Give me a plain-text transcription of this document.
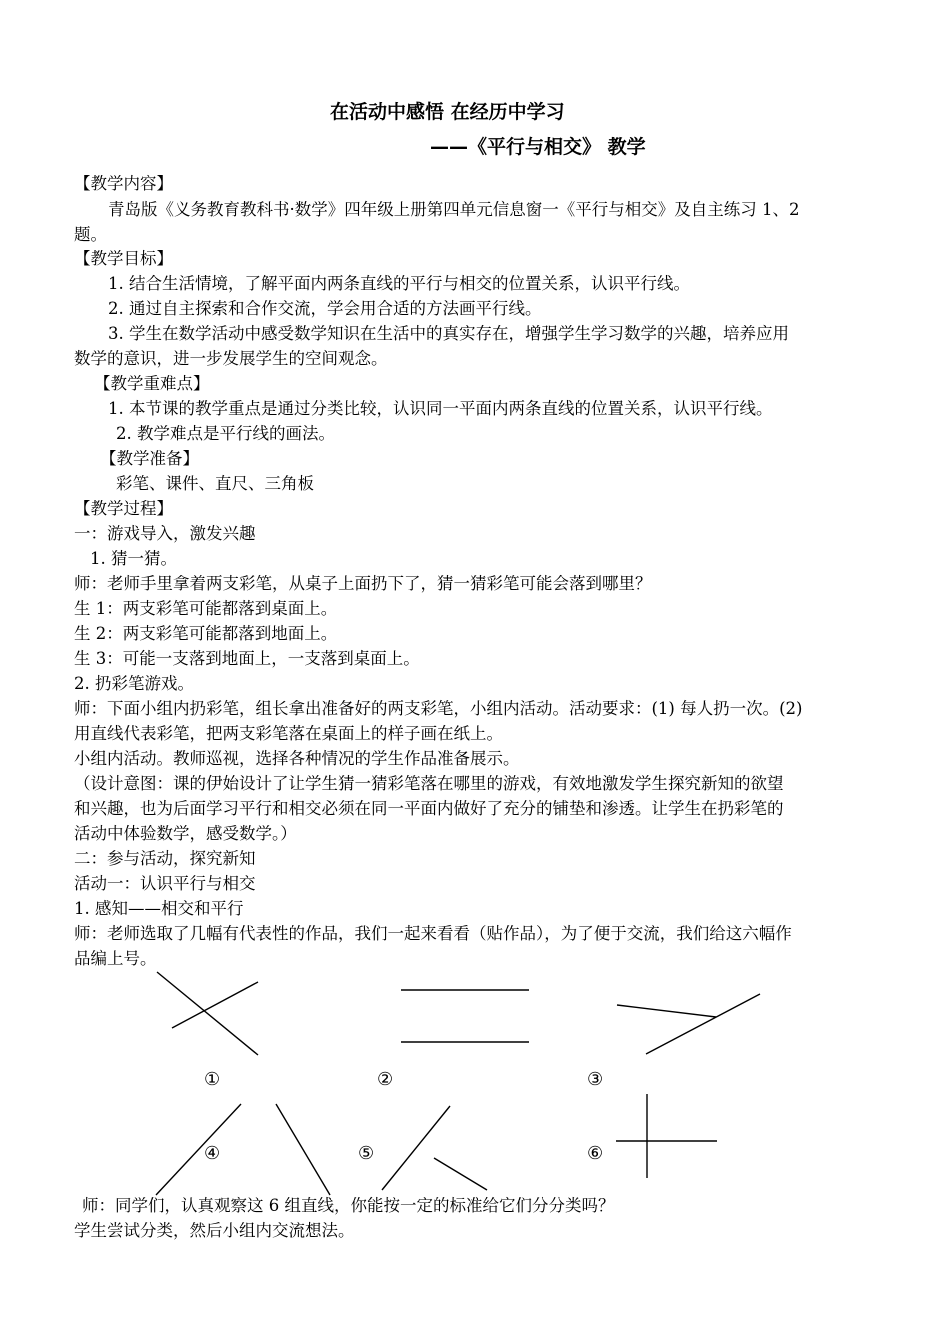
在活动中感悟 在经历中学习
——《平行与相交》 教学
【教学内容】
青岛版《义务教育教科书·数学》四年级上册第四单元信息窗一《平行与相交》及自主练习 1、2
题。
【教学目标】
1. 结合生活情境，了解平面内两条直线的平行与相交的位置关系，认识平行线。
2. 通过自主探索和合作交流，学会用合适的方法画平行线。
3. 学生在数学活动中感受数学知识在生活中的真实存在，增强学生学习数学的兴趣，培养应用
数学的意识，进一步发展学生的空间观念。
【教学重难点】
1. 本节课的教学重点是通过分类比较，认识同一平面内两条直线的位置关系，认识平行线。
2. 教学难点是平行线的画法。
【教学准备】
彩笔、课件、直尺、三角板
【教学过程】
一：游戏导入，激发兴趣
1. 猜一猜。
师：老师手里拿着两支彩笔，从桌子上面扔下了，猜一猜彩笔可能会落到哪里？
生 1：两支彩笔可能都落到桌面上。
生 2：两支彩笔可能都落到地面上。
生 3：可能一支落到地面上，一支落到桌面上。
2. 扔彩笔游戏。
师：下面小组内扔彩笔，组长拿出准备好的两支彩笔，小组内活动。活动要求：(1) 每人扔一次。(2)
用直线代表彩笔，把两支彩笔落在桌面上的样子画在纸上。
小组内活动。教师巡视，选择各种情况的学生作品准备展示。
（设计意图：课的伊始设计了让学生猜一猜彩笔落在哪里的游戏，有效地激发学生探究新知的欲望
和兴趣，也为后面学习平行和相交必须在同一平面内做好了充分的铺垫和渗透。让学生在扔彩笔的
活动中体验数学，感受数学。）
二：参与活动，探究新知
活动一：认识平行与相交
1. 感知——相交和平行
师：老师选取了几幅有代表性的作品，我们一起来看看（贴作品），为了便于交流，我们给这六幅作
品编上号。
①	②	③
④	⑤	⑥
师：同学们，认真观察这 6 组直线，你能按一定的标准给它们分分类吗？
学生尝试分类，然后小组内交流想法。
